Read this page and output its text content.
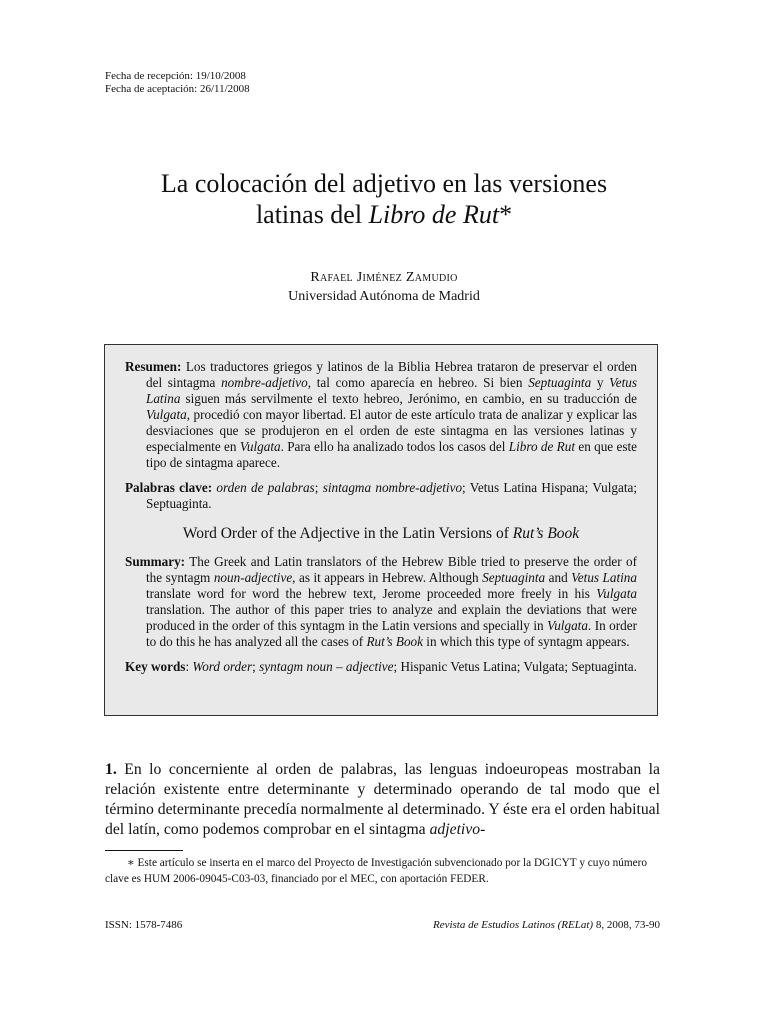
Fecha de recepción: 19/10/2008
Fecha de aceptación: 26/11/2008
La colocación del adjetivo en las versiones
latinas del Libro de Rut*
Rafael Jiménez Zamudio
Universidad Autónoma de Madrid

Resumen: Los traductores griegos y latinos de la Biblia Hebrea trataron de preservar el orden del sintagma nombre-adjetivo, tal como aparecía en hebreo. Si bien Septuaginta y Vetus Latina siguen más servilmente el texto hebreo, Jerónimo, en cambio, en su traducción de Vulgata, procedió con mayor libertad. El autor de este artículo trata de analizar y explicar las desviaciones que se produjeron en el orden de este sintagma en las versiones latinas y especialmente en Vulgata. Para ello ha analizado todos los casos del Libro de Rut en que este tipo de sintagma aparece.

Palabras clave: orden de palabras; sintagma nombre-adjetivo; Vetus Latina Hispana; Vulgata; Septuaginta.

Word Order of the Adjective in the Latin Versions of Rut’s Book

Summary: The Greek and Latin translators of the Hebrew Bible tried to preserve the order of the syntagm noun-adjective, as it appears in Hebrew. Although Septuaginta and Vetus Latina translate word for word the hebrew text, Jerome proceeded more freely in his Vulgata translation. The author of this paper tries to analyze and explain the deviations that were produced in the order of this syntagm in the Latin versions and specially in Vulgata. In order to do this he has analyzed all the cases of Rut’s Book in which this type of syntagm appears.

Key words: Word order; syntagm noun – adjective; Hispanic Vetus Latina; Vulgata; Septuaginta.

1. En lo concerniente al orden de palabras, las lenguas indoeuropeas mostraban la relación existente entre determinante y determinado operando de tal modo que el término determinante precedía normalmente al determinado. Y éste era el orden habitual del latín, como podemos comprobar en el sintagma adjetivo-

∗ Este artículo se inserta en el marco del Proyecto de Investigación subvencionado por la DGICYT y cuyo número clave es HUM 2006-09045-C03-03, financiado por el MEC, con aportación FEDER.

ISSN: 1578-7486	Revista de Estudios Latinos (RELat) 8, 2008, 73-90
